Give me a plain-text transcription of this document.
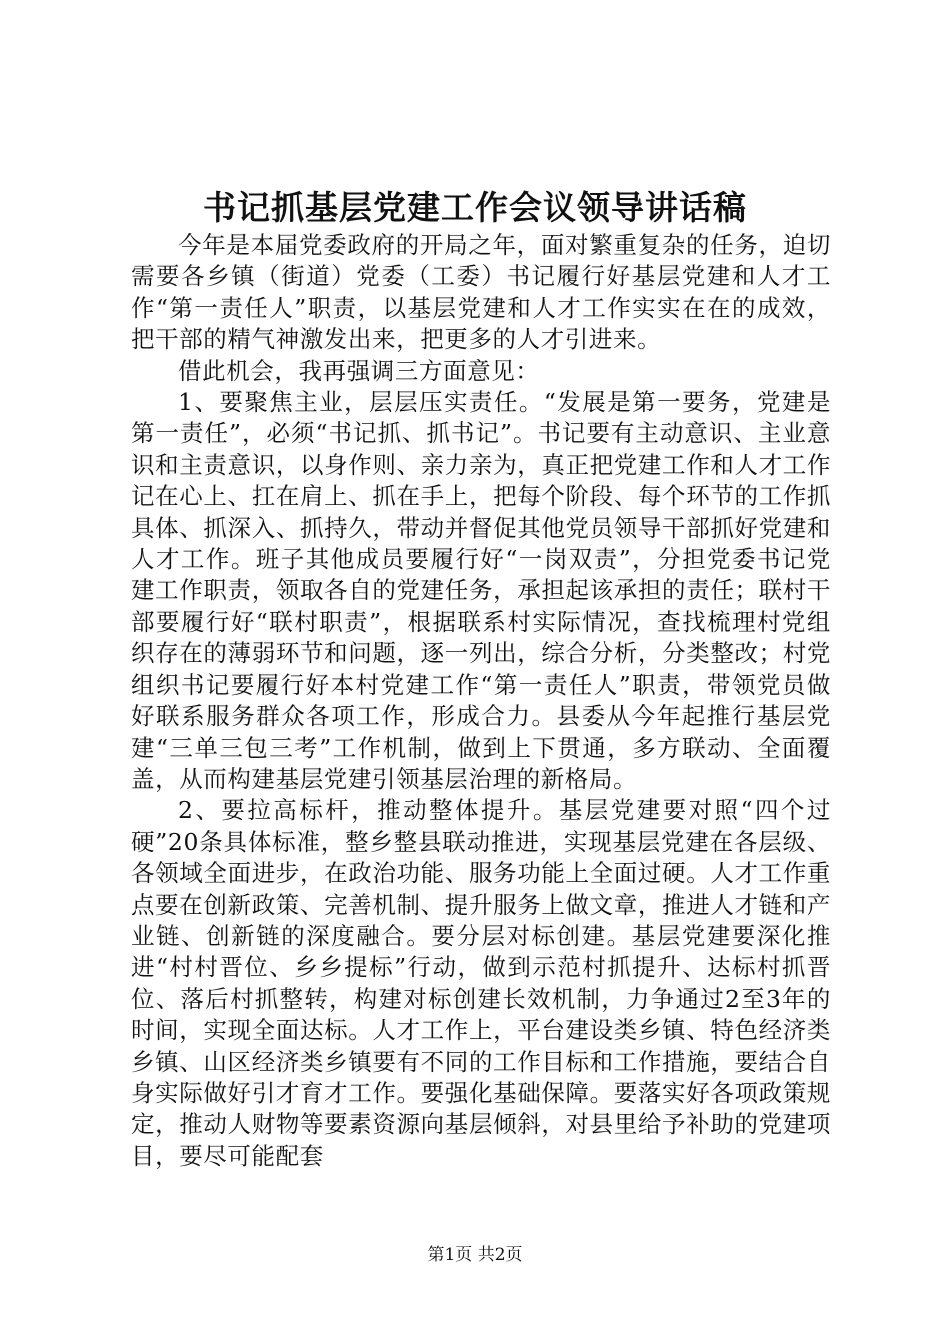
书记抓基层党建工作会议领导讲话稿

今年是本届党委政府的开局之年，面对繁重复杂的任务，迫切需要各乡镇（街道）党委（工委）书记履行好基层党建和人才工作“第一责任人”职责，以基层党建和人才工作实实在在的成效，把干部的精气神激发出来，把更多的人才引进来。

借此机会，我再强调三方面意见：

1、要聚焦主业，层层压实责任。“发展是第一要务，党建是第一责任”，必须“书记抓、抓书记”。书记要有主动意识、主业意识和主责意识，以身作则、亲力亲为，真正把党建工作和人才工作记在心上、扛在肩上、抓在手上，把每个阶段、每个环节的工作抓具体、抓深入、抓持久，带动并督促其他党员领导干部抓好党建和人才工作。班子其他成员要履行好“一岗双责”，分担党委书记党建工作职责，领取各自的党建任务，承担起该承担的责任；联村干部要履行好“联村职责”，根据联系村实际情况，查找梳理村党组织存在的薄弱环节和问题，逐一列出，综合分析，分类整改；村党组织书记要履行好本村党建工作“第一责任人”职责，带领党员做好联系服务群众各项工作，形成合力。县委从今年起推行基层党建“三单三包三考”工作机制，做到上下贯通，多方联动、全面覆盖，从而构建基层党建引领基层治理的新格局。

2、要拉高标杆，推动整体提升。基层党建要对照“四个过硬”20条具体标准，整乡整县联动推进，实现基层党建在各层级、各领域全面进步，在政治功能、服务功能上全面过硬。人才工作重点要在创新政策、完善机制、提升服务上做文章，推进人才链和产业链、创新链的深度融合。要分层对标创建。基层党建要深化推进“村村晋位、乡乡提标”行动，做到示范村抓提升、达标村抓晋位、落后村抓整转，构建对标创建长效机制，力争通过2至3年的时间，实现全面达标。人才工作上，平台建设类乡镇、特色经济类乡镇、山区经济类乡镇要有不同的工作目标和工作措施，要结合自身实际做好引才育才工作。要强化基础保障。要落实好各项政策规定，推动人财物等要素资源向基层倾斜，对县里给予补助的党建项目，要尽可能配套

第1页 共2页
